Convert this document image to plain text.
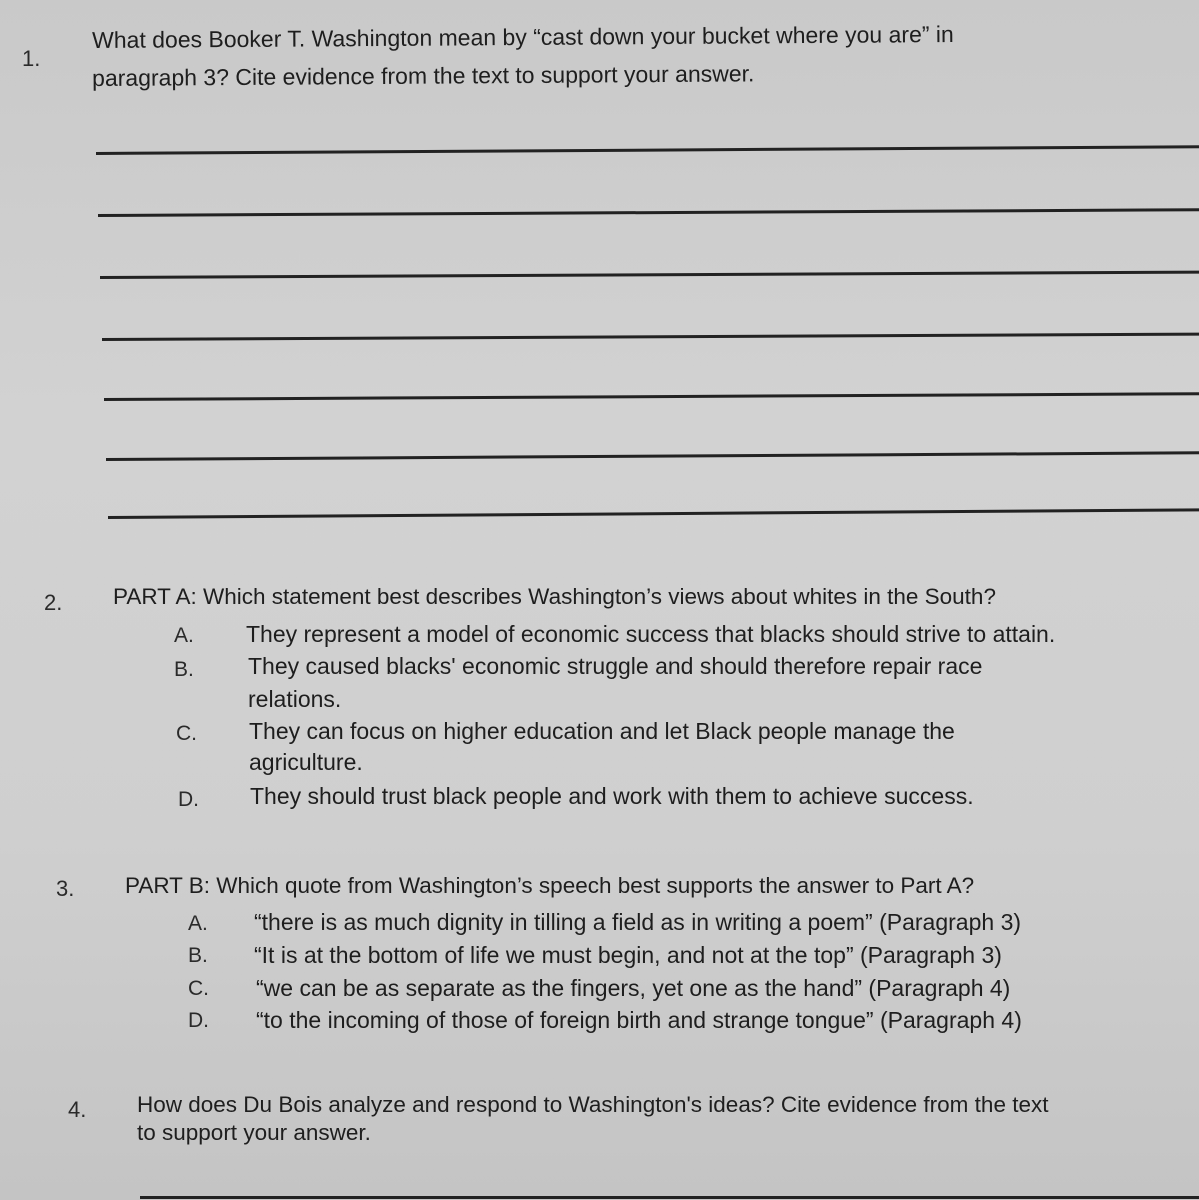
1.
What does Booker T. Washington mean by “cast down your bucket where you are” in
paragraph 3? Cite evidence from the text to support your answer.
2. PART A: Which statement best describes Washington’s views about whites in the South?
A. They represent a model of economic success that blacks should strive to attain.
B. They caused blacks' economic struggle and should therefore repair race
relations.
C. They can focus on higher education and let Black people manage the
agriculture.
D. They should trust black people and work with them to achieve success.
3. PART B: Which quote from Washington’s speech best supports the answer to Part A?
A. “there is as much dignity in tilling a field as in writing a poem” (Paragraph 3)
B. “It is at the bottom of life we must begin, and not at the top” (Paragraph 3)
C. “we can be as separate as the fingers, yet one as the hand” (Paragraph 4)
D. “to the incoming of those of foreign birth and strange tongue” (Paragraph 4)
4. How does Du Bois analyze and respond to Washington's ideas? Cite evidence from the text
to support your answer.
